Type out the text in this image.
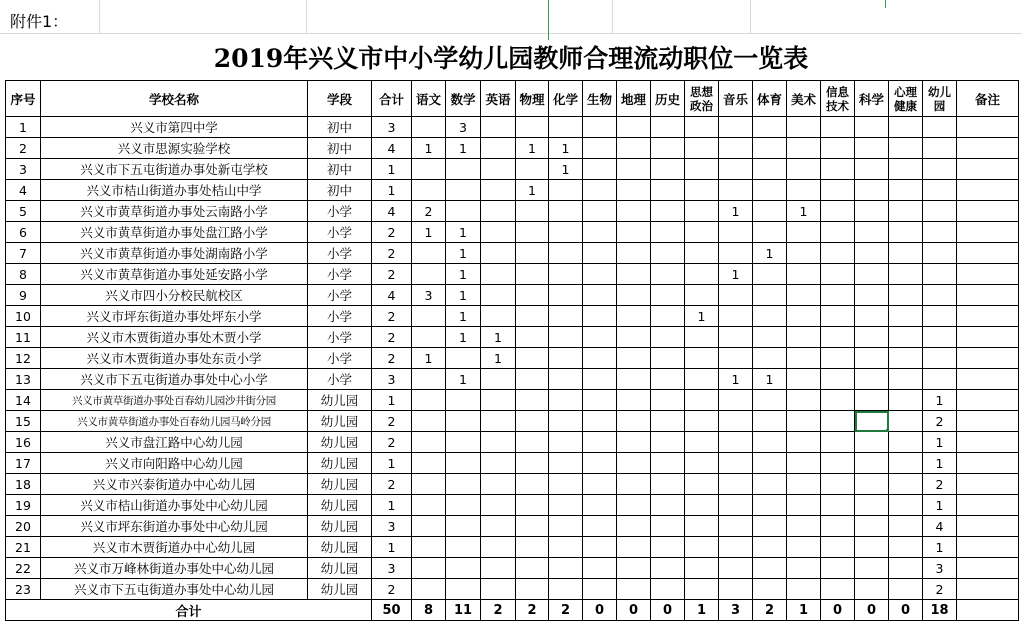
附件1：
2019年兴义市中小学幼儿园教师合理流动职位一览表
序号	学校名称	学段	合计	语文	数学	英语	物理	化学	生物	地理	历史	思想政治	音乐	体育	美术	信息技术	科学	心理健康	幼儿园	备注
1	兴义市第四中学	初中	3		3															
2	兴义市思源实验学校	初中	4	1	1		1	1												
3	兴义市下五屯街道办事处新屯学校	初中	1					1												
4	兴义市桔山街道办事处桔山中学	初中	1				1													
5	兴义市黄草街道办事处云南路小学	小学	4	2									1		1					
6	兴义市黄草街道办事处盘江路小学	小学	2	1	1															
7	兴义市黄草街道办事处湖南路小学	小学	2		1									1						
8	兴义市黄草街道办事处延安路小学	小学	2		1								1							
9	兴义市四小分校民航校区	小学	4	3	1															
10	兴义市坪东街道办事处坪东小学	小学	2		1							1								
11	兴义市木贾街道办事处木贾小学	小学	2		1	1														
12	兴义市木贾街道办事处东贡小学	小学	2	1		1														
13	兴义市下五屯街道办事处中心小学	小学	3		1								1	1						
14	兴义市黄草街道办事处百春幼儿园沙井街分园	幼儿园	1																1	
15	兴义市黄草街道办事处百春幼儿园马岭分园	幼儿园	2																2	
16	兴义市盘江路中心幼儿园	幼儿园	2																1	
17	兴义市向阳路中心幼儿园	幼儿园	1																1	
18	兴义市兴泰街道办中心幼儿园	幼儿园	2																2	
19	兴义市桔山街道办事处中心幼儿园	幼儿园	1																1	
20	兴义市坪东街道办事处中心幼儿园	幼儿园	3																4	
21	兴义市木贾街道办中心幼儿园	幼儿园	1																1	
22	兴义市万峰林街道办事处中心幼儿园	幼儿园	3																3	
23	兴义市下五屯街道办事处中心幼儿园	幼儿园	2																2	
合计			50	8	11	2	2	2	0	0	0	1	3	2	1	0	0	0	18	
